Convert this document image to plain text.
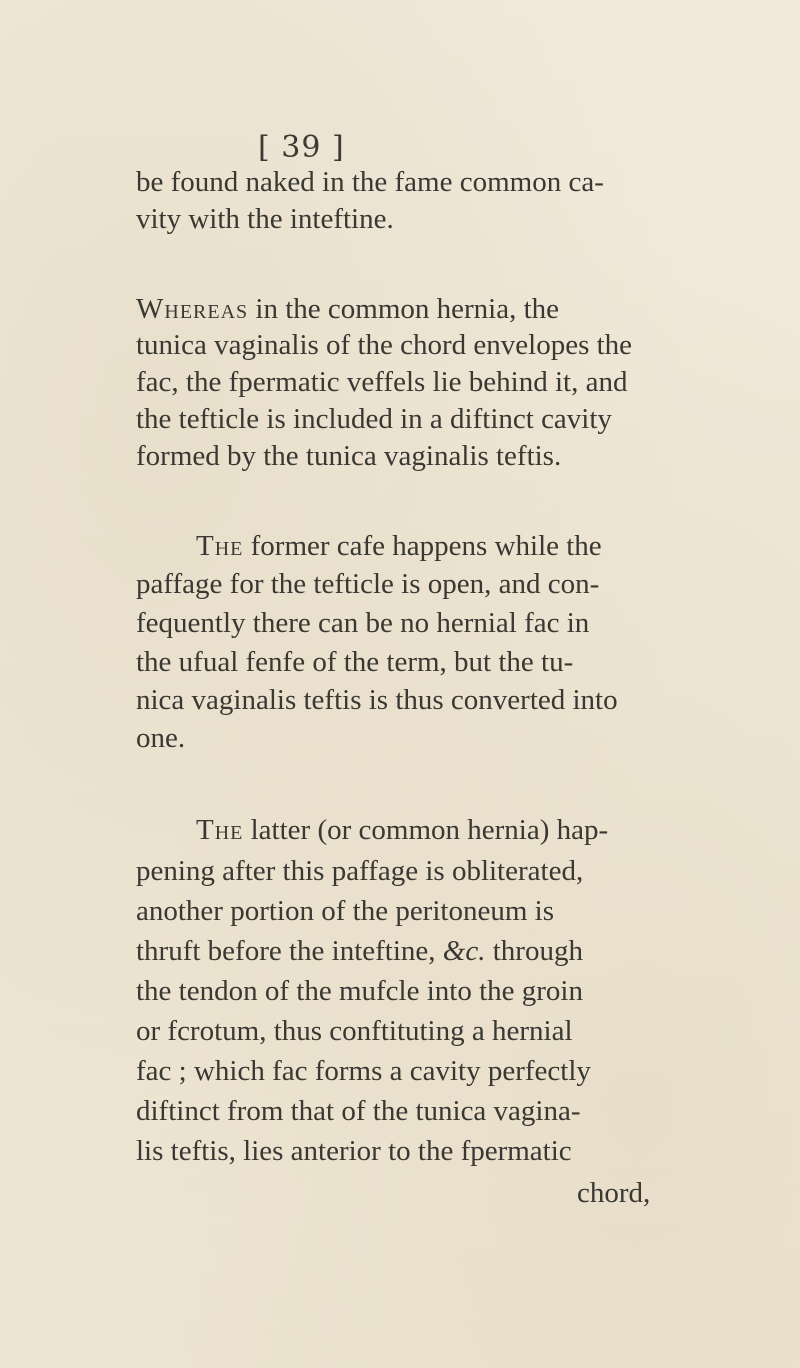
[ 39 ]
be found naked in the fame common ca-
vity with the inteftine.
Whereas in the common hernia, the
tunica vaginalis of the chord envelopes the
fac, the fpermatic veffels lie behind it, and
the tefticle is included in a diftinct cavity
formed by the tunica vaginalis teftis.
The former cafe happens while the
paffage for the tefticle is open, and con-
fequently there can be no hernial fac in
the ufual fenfe of the term, but the tu-
nica vaginalis teftis is thus converted into
one.
The latter (or common hernia) hap-
pening after this paffage is obliterated,
another portion of the peritoneum is
thruft before the inteftine, &c. through
the tendon of the mufcle into the groin
or fcrotum, thus conftituting a hernial
fac ; which fac forms a cavity perfectly
diftinct from that of the tunica vagina-
lis teftis, lies anterior to the fpermatic
chord,
